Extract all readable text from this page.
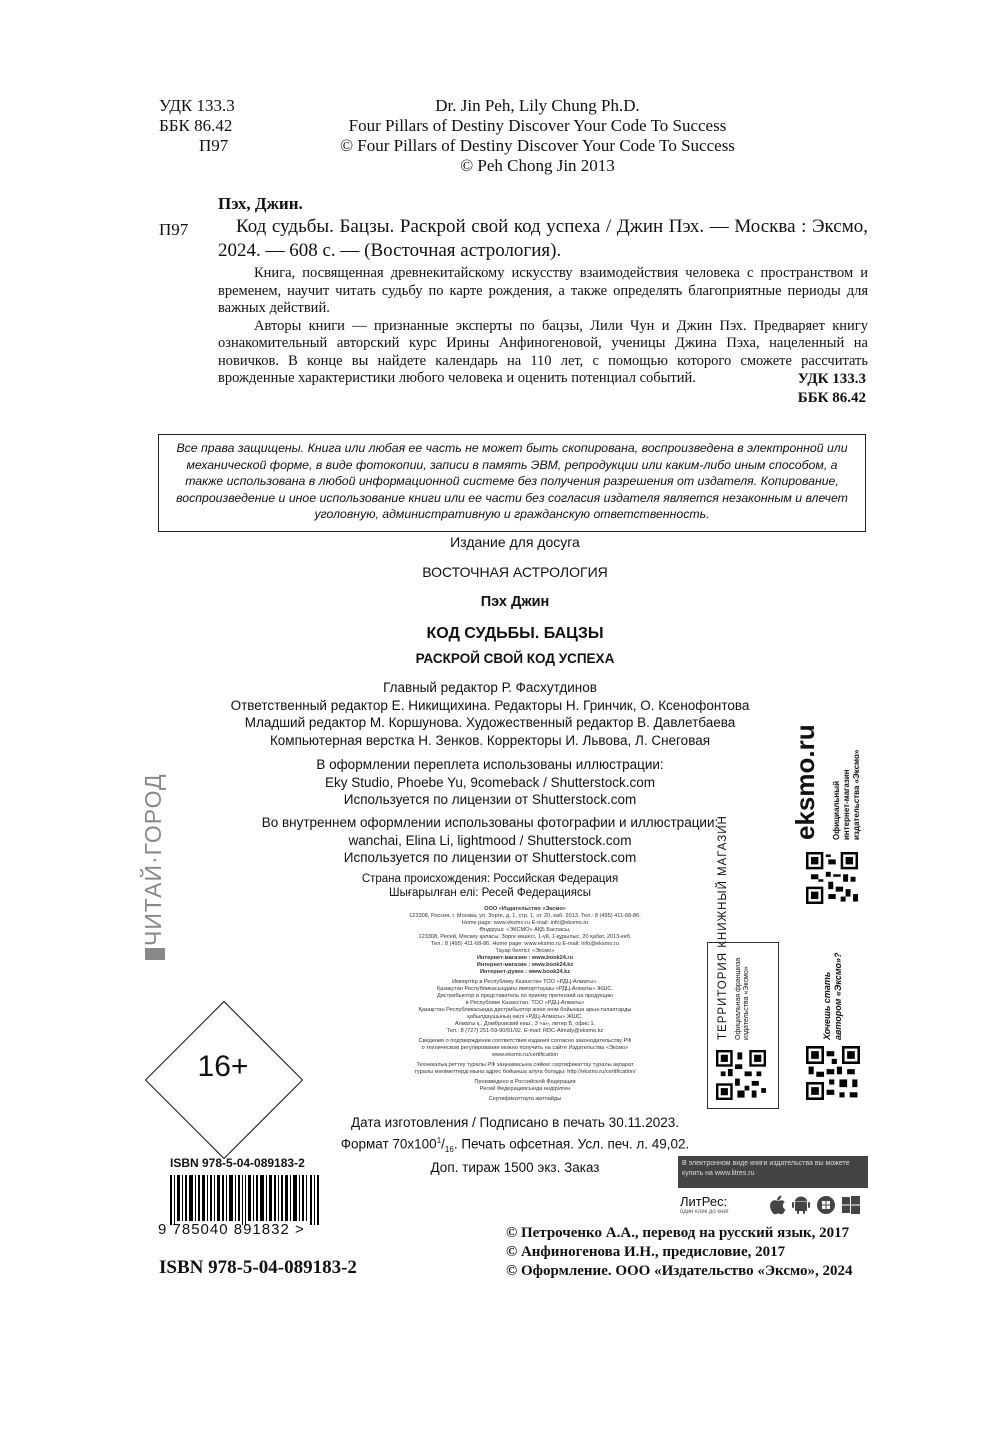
УДК 133.3
ББК 86.42
П97
Dr. Jin Peh, Lily Chung Ph.D.
Four Pillars of Destiny Discover Your Code To Success
© Four Pillars of Destiny Discover Your Code To Success
© Peh Chong Jin 2013
Пэх, Джин.
П97	Код судьбы. Бацзы. Раскрой свой код успеха / Джин Пэх. — Москва : Эксмо, 2024. — 608 с. — (Восточная астрология).

Книга, посвященная древнекитайскому искусству взаимодействия человека с пространством и временем, научит читать судьбу по карте рождения, а также определять благоприятные периоды для важных действий.

Авторы книги — признанные эксперты по бацзы, Лили Чун и Джин Пэх. Предваряет книгу ознакомительный авторский курс Ирины Анфиногеновой, ученицы Джина Пэха, нацеленный на новичков. В конце вы найдете календарь на 110 лет, с помощью которого сможете рассчитать врожденные характеристики любого человека и оценить потенциал событий.	УДК 133.3
ББК 86.42
Все права защищены. Книга или любая ее часть не может быть скопирована, воспроизведена в электронной или механической форме, в виде фотокопии, записи в память ЭВМ, репродукции или каким-либо иным способом, а также использована в любой информационной системе без получения разрешения от издателя. Копирование, воспроизведение и иное использование книги или ее части без согласия издателя является незаконным и влечет уголовную, административную и гражданскую ответственность.
Издание для досуга
ВОСТОЧНАЯ АСТРОЛОГИЯ
Пэх Джин
КОД СУДЬБЫ. БАЦЗЫ
РАСКРОЙ СВОЙ КОД УСПЕХА
Главный редактор Р. Фасхутдинов
Ответственный редактор Е. Никищихина. Редакторы Н. Гринчик, О. Ксенофонтова
Младший редактор М. Коршунова. Художественный редактор В. Давлетбаева
Компьютерная верстка Н. Зенков. Корректоры И. Львова, Л. Снеговая
В оформлении переплета использованы иллюстрации:
Eky Studio, Phoebe Yu, 9comeback / Shutterstock.com
Используется по лицензии от Shutterstock.com
Во внутреннем оформлении использованы фотографии и иллюстрации:
wanchai, Elina Li, lightmood / Shutterstock.com
Используется по лицензии от Shutterstock.com
Страна происхождения: Российская Федерация
Шығарылған елі: Ресей Федерациясы
ООО «Издательство «Эксмо»
123308, Россия, г. Москва, ул. Зорге, д. 1, стр. 1, эт. 20, каб. 2013. Тел.: 8 (495) 411-68-86.
Home page: www.eksmo.ru E-mail: info@eksmo.ru
Өндіруші: «ЭКСМО» АҚБ Баспасы,
123308, Ресей, Мәскеу қаласы, Зорге көшесі, 1-үй, 1-құрылыс, 20 қабат, 2013-кеб.
Тел.: 8 (495) 411-68-86. Home page: www.eksmo.ru E-mail: info@eksmo.ru
Тауар белгісі: «Эксмо»
Интернет-магазин : www.book24.ru
Интернет-магазин : www.book24.kz
Интернет-дүкен : www.book24.kz
Импортёр в Республику Казахстан ТОО «РДЦ-Алматы».
Қазақстан Республикасындағы импорттаушы «РДЦ-Алматы» ЖШС.
Дистрибьютор и представитель по приему претензий на продукцию
в Республике Казахстан: ТОО «РДЦ-Алматы»
Қазақстан Республикасында дистрибьютор және өнім бойынша арыз-талаптарды
қабылдаушының өкілі «РДЦ-Алматы» ЖШС,
Алматы қ., Домбровский көш., 3 «а», литер Б, офис 1.
Тел.: 8 (727) 251-59-90/91/92. E-mail: RDC-Almaty@eksmo.kz
Сведения о подтверждении соответствия издания согласно законодательству РФ
о техническом регулировании можно получить на сайте Издательства «Эксмо»
www.eksmo.ru/certification
Техникалық реттеу туралы РФ заңнамасына сәйкес сертификаттау туралы ақпарат
туралы мәліметтерді мына адрес бойынша алуға болады: http://eksmo.ru/certification/
Произведено в Российской Федерации
Ресей Федерациясында өндірілген
Сертификаттауға жатпайды
Дата изготовления / Подписано в печать 30.11.2023.
Формат $70x100^1/_{16}$. Печать офсетная. Усл. печ. л. 49,02.
Доп. тираж 1500 экз. Заказ
ЧИТАЙ·ГОРОД
16+
ISBN 978-5-04-089183-2
9 785040 891832 >
ISBN 978-5-04-089183-2
© Петроченко А.А., перевод на русский язык, 2017
© Анфиногенова И.Н., предисловие, 2017
© Оформление. ООО «Издательство «Эксмо», 2024
eksmo.ru Официальный интернет-магазин издательства «Эксмо»
Хочешь стать автором «Эксмо»?
ТЕРРИТОРИЯ КНИЖНЫЙ МАГАЗИН Официальная франшиза издательства «Эксмо»
В электронном виде книги издательства вы можете купить на www.litres.ru
ЛитРес:
один клик до книг
